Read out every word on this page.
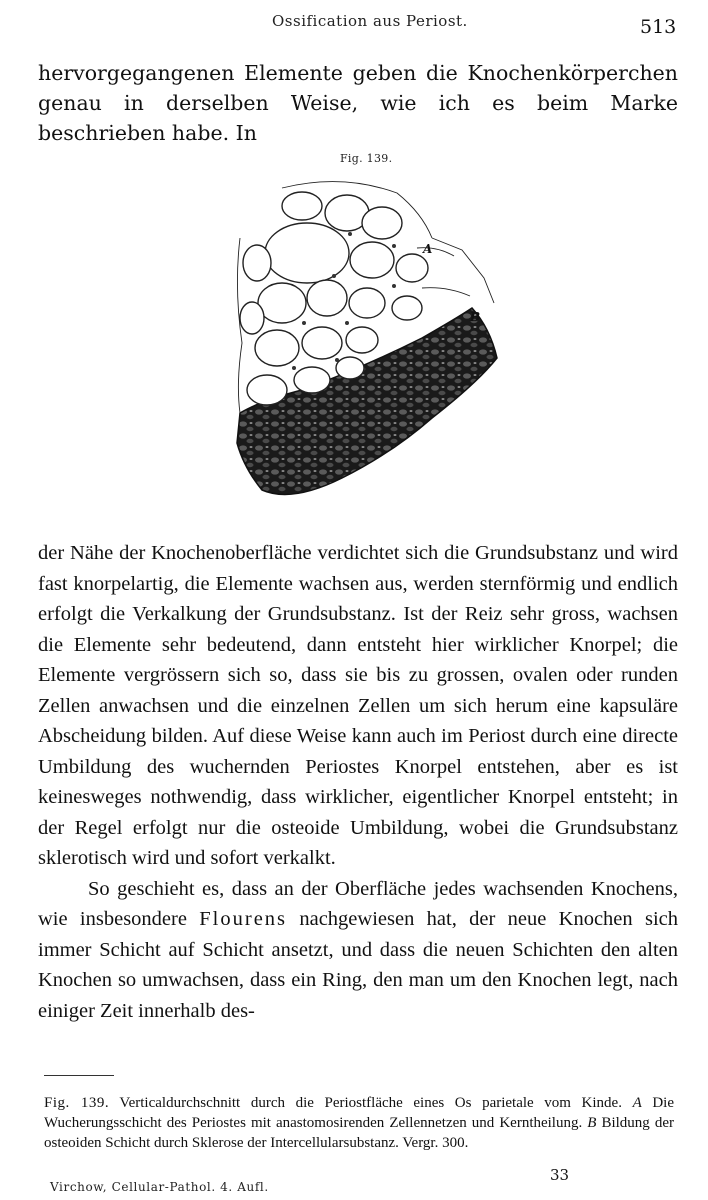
Ossification aus Periost.	513
hervorgegangenen Elemente geben die Knochenkörperchen genau in derselben Weise, wie ich es beim Marke beschrieben habe. In
Fig. 139.
A
B

der Nähe der Knochenoberfläche verdichtet sich die Grundsubstanz und wird fast knorpelartig, die Elemente wachsen aus, werden sternförmig und endlich erfolgt die Verkalkung der Grundsubstanz. Ist der Reiz sehr gross, wachsen die Elemente sehr bedeutend, dann entsteht hier wirklicher Knorpel; die Elemente vergrössern sich so, dass sie bis zu grossen, ovalen oder runden Zellen anwachsen und die einzelnen Zellen um sich herum eine kapsuläre Abscheidung bilden. Auf diese Weise kann auch im Periost durch eine directe Umbildung des wuchernden Periostes Knorpel entstehen, aber es ist keinesweges nothwendig, dass wirklicher, eigentlicher Knorpel entsteht; in der Regel erfolgt nur die osteoide Umbildung, wobei die Grundsubstanz sklerotisch wird und sofort verkalkt.

So geschieht es, dass an der Oberfläche jedes wachsenden Knochens, wie insbesondere Flourens nachgewiesen hat, der neue Knochen sich immer Schicht auf Schicht ansetzt, und dass die neuen Schichten den alten Knochen so umwachsen, dass ein Ring, den man um den Knochen legt, nach einiger Zeit innerhalb des-

Fig. 139. Verticaldurchschnitt durch die Periostfläche eines Os parietale vom Kinde. A Die Wucherungsschicht des Periostes mit anastomosirenden Zellennetzen und Kerntheilung. B Bildung der osteoiden Schicht durch Sklerose der Intercellularsubstanz. Vergr. 300.
33
Virchow, Cellular-Pathol. 4. Aufl.
